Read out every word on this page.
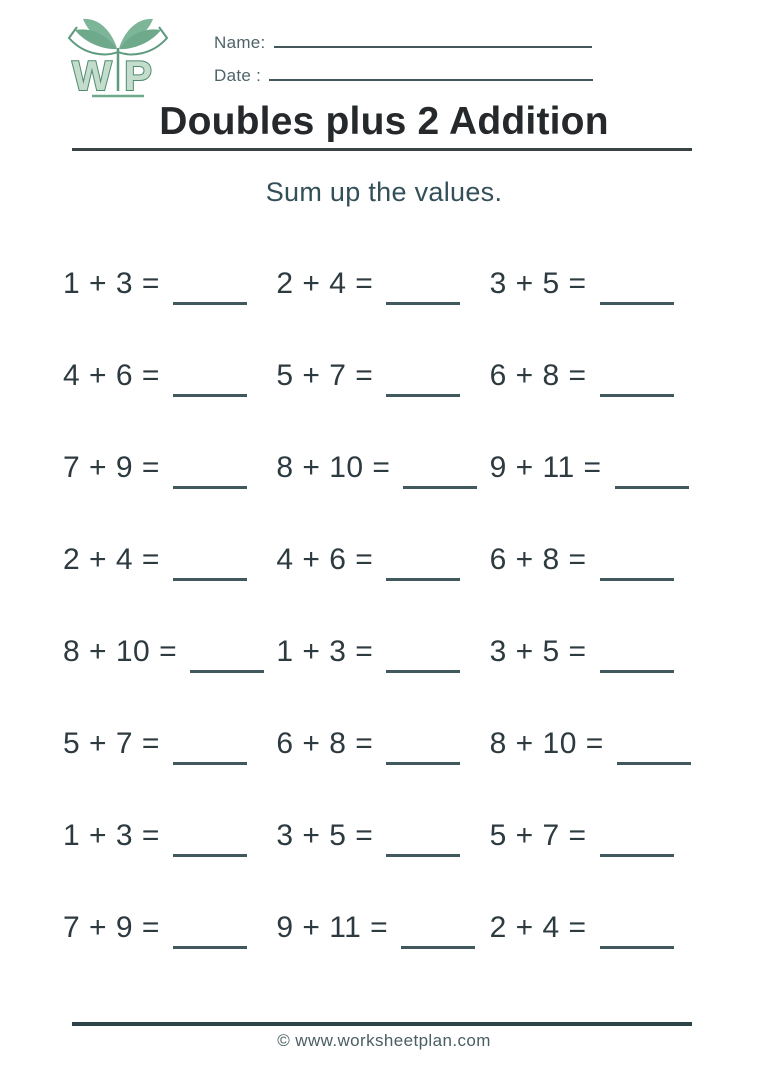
W P
Name:
Date :
Doubles plus 2 Addition
Sum up the values.
1 + 3 =	2 + 4 =	3 + 5 =
4 + 6 =	5 + 7 =	6 + 8 =
7 + 9 =	8 + 10 =	9 + 11 =
2 + 4 =	4 + 6 =	6 + 8 =
8 + 10 =	1 + 3 =	3 + 5 =
5 + 7 =	6 + 8 =	8 + 10 =
1 + 3 =	3 + 5 =	5 + 7 =
7 + 9 =	9 + 11 =	2 + 4 =
© www.worksheetplan.com
